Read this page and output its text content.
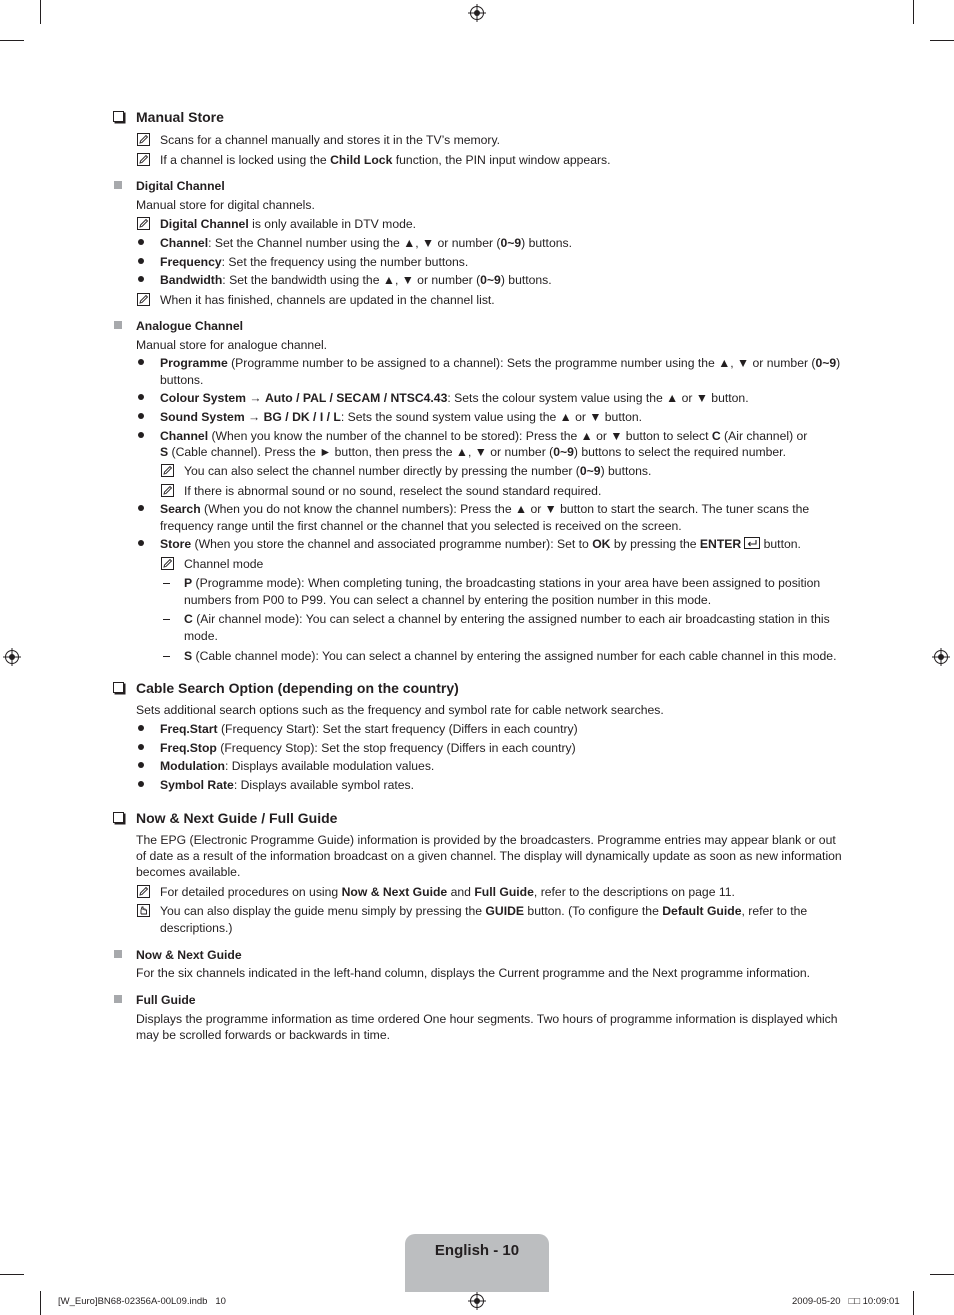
Manual Store
Scans for a channel manually and stores it in the TV’s memory.
If a channel is locked using the Child Lock function, the PIN input window appears.
Digital Channel
Manual store for digital channels.
Digital Channel is only available in DTV mode.
Channel: Set the Channel number using the ▲, ▼ or number (0~9) buttons.
Frequency: Set the frequency using the number buttons.
Bandwidth: Set the bandwidth using the ▲, ▼ or number (0~9) buttons.
When it has finished, channels are updated in the channel list.
Analogue Channel
Manual store for analogue channel.
Programme (Programme number to be assigned to a channel): Sets the programme number using the ▲, ▼ or number (0~9)
buttons.
Colour System → Auto / PAL / SECAM / NTSC4.43: Sets the colour system value using the ▲ or ▼ button.
Sound System → BG / DK / I / L: Sets the sound system value using the ▲ or ▼ button.
Channel (When you know the number of the channel to be stored): Press the ▲ or ▼ button to select C (Air channel) or
S (Cable channel). Press the ► button, then press the ▲, ▼ or number (0~9) buttons to select the required number.
You can also select the channel number directly by pressing the number (0~9) buttons.
If there is abnormal sound or no sound, reselect the sound standard required.
Search (When you do not know the channel numbers): Press the ▲ or ▼ button to start the search. The tuner scans the
frequency range until the first channel or the channel that you selected is received on the screen.
Store (When you store the channel and associated programme number): Set to OK by pressing the ENTER button.
Channel mode
P (Programme mode): When completing tuning, the broadcasting stations in your area have been assigned to position
numbers from P00 to P99. You can select a channel by entering the position number in this mode.
C (Air channel mode): You can select a channel by entering the assigned number to each air broadcasting station in this
mode.
S (Cable channel mode): You can select a channel by entering the assigned number for each cable channel in this mode.
Cable Search Option (depending on the country)
Sets additional search options such as the frequency and symbol rate for cable network searches.
Freq.Start (Frequency Start): Set the start frequency (Differs in each country)
Freq.Stop (Frequency Stop): Set the stop frequency (Differs in each country)
Modulation: Displays available modulation values.
Symbol Rate: Displays available symbol rates.
Now & Next Guide / Full Guide
The EPG (Electronic Programme Guide) information is provided by the broadcasters. Programme entries may appear blank or out
of date as a result of the information broadcast on a given channel. The display will dynamically update as soon as new information
becomes available.
For detailed procedures on using Now & Next Guide and Full Guide, refer to the descriptions on page 11.
You can also display the guide menu simply by pressing the GUIDE button. (To configure the Default Guide, refer to the
descriptions.)
Now & Next Guide
For the six channels indicated in the left-hand column, displays the Current programme and the Next programme information.
Full Guide
Displays the programme information as time ordered One hour segments. Two hours of programme information is displayed which
may be scrolled forwards or backwards in time.
English - 10
[W_Euro]BN68-02356A-00L09.indb   10	2009-05-20   □□ 10:09:01
